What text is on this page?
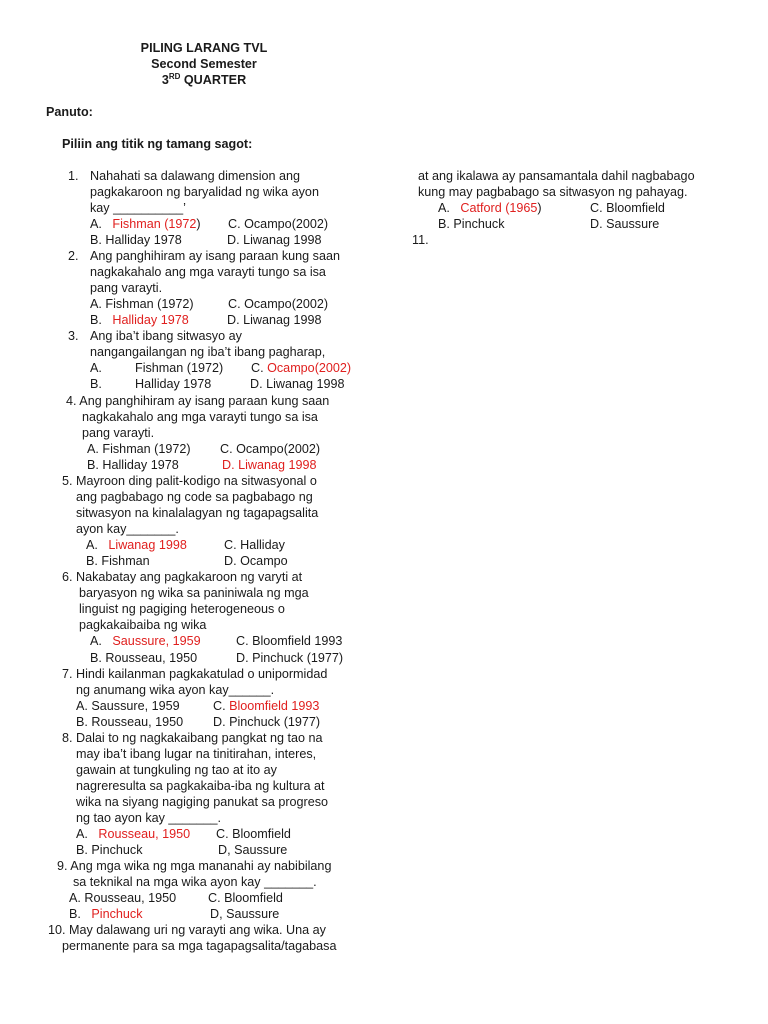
PILING LARANG TVL
Second Semester
3RD QUARTER
Panuto:
Piliin ang titik ng tamang sagot:
1. Nahahati sa dalawang dimension ang
pagkakaroon ng baryalidad ng wika ayon
kay __________’
A. Fishman (1972) C. Ocampo(2002)
B. Halliday 1978	D. Liwanag 1998
2. Ang panghihiram ay isang paraan kung saan
nagkakahalo ang mga varayti tungo sa isa
pang varayti.
A. Fishman (1972)	C. Ocampo(2002)
B. Halliday 1978	D. Liwanag 1998
3. Ang iba’t ibang sitwasyo ay
nangangailangan ng iba’t ibang pagharap,
A.	Fishman (1972) C. Ocampo(2002)
B.	Halliday 1978	D. Liwanag 1998
4. Ang panghihiram ay isang paraan kung saan
nagkakahalo ang mga varayti tungo sa isa
pang varayti.
A. Fishman (1972) C. Ocampo(2002)
B. Halliday 1978	D. Liwanag 1998
5. Mayroon ding palit-kodigo na sitwasyonal o
ang pagbabago ng code sa pagbabago ng
sitwasyon na kinalalagyan ng tagapagsalita
ayon kay_______.
A. Liwanag 1998	C. Halliday
B. Fishman	D. Ocampo
6. Nakabatay ang pagkakaroon ng varyti at
baryasyon ng wika sa paniniwala ng mga
linguist ng pagiging heterogeneous o
pagkakaibaiba ng wika
A. Saussure, 1959	C. Bloomfield 1993
B. Rousseau, 1950	D. Pinchuck (1977)
7. Hindi kailanman pagkakatulad o unipormidad
ng anumang wika ayon kay______.
A. Saussure, 1959	C. Bloomfield 1993
B. Rousseau, 1950 D. Pinchuck (1977)
8. Dalai to ng nagkakaibang pangkat ng tao na
may iba’t ibang lugar na tinitirahan, interes,
gawain at tungkuling ng tao at ito ay
nagreresulta sa pagkakaiba-iba ng kultura at
wika na siyang nagiging panukat sa progreso
ng tao ayon kay _______.
A. Rousseau, 1950 C. Bloomfield
B. Pinchuck	D, Saussure
9. Ang mga wika ng mga mananahi ay nabibilang
sa teknikal na mga wika ayon kay _______.
A. Rousseau, 1950	C. Bloomfield
B. Pinchuck	D, Saussure
10. May dalawang uri ng varayti ang wika. Una ay
permanente para sa mga tagapagsalita/tagabasa
at ang ikalawa ay pansamantala dahil nagbabago
kung may pagbabago sa sitwasyon ng pahayag.
A. Catford (1965)	C. Bloomfield
B. Pinchuck	D. Saussure
11.
